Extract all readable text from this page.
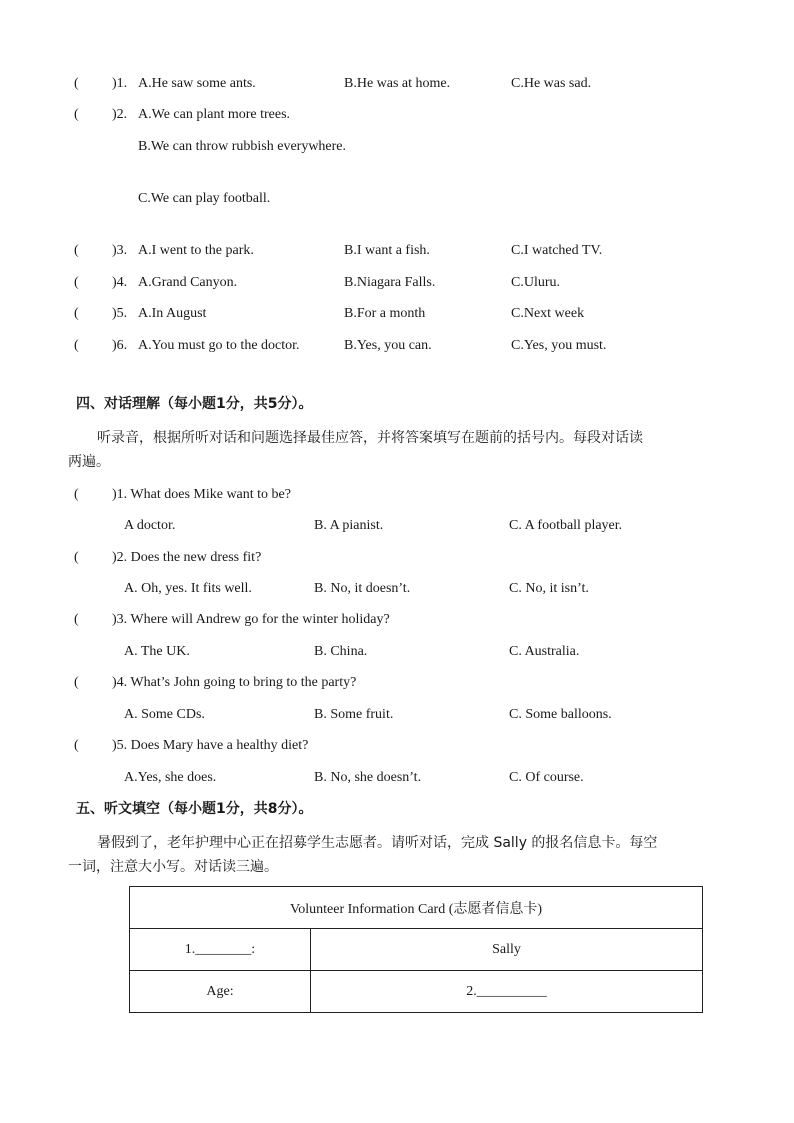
( )1. A.He saw some ants.	B.He was at home.	C.He was sad.
( )2. A.We can plant more trees.
B.We can throw rubbish everywhere.
C.We can play football.
( )3. A.I went to the park.	B.I want a fish.	C.I watched TV.
( )4. A.Grand Canyon.	B.Niagara Falls.	C.Uluru.
( )5. A.In August	B.For a month	C.Next week
( )6. A.You must go to the doctor.	B.Yes, you can.	C.Yes, you must.
四、对话理解（每小题1分，共5分）。
听录音，根据所听对话和问题选择最佳应答，并将答案填写在题前的括号内。每段对话读
两遍。
( )1. What does Mike want to be?
A doctor.	B. A pianist.	C. A football player.
( )2. Does the new dress fit?
A. Oh, yes. It fits well.	B. No, it doesn’t.	C. No, it isn’t.
( )3. Where will Andrew go for the winter holiday?
A. The UK.	B. China.	C. Australia.
( )4. What’s John going to bring to the party?
A. Some CDs.	B. Some fruit.	C. Some balloons.
( )5. Does Mary have a healthy diet?
A.Yes, she does.	B. No, she doesn’t.	C. Of course.
五、听文填空（每小题1分，共8分）。
暑假到了，老年护理中心正在招募学生志愿者。请听对话，完成 Sally 的报名信息卡。每空
一词，注意大小写。对话读三遍。
Volunteer Information Card (志愿者信息卡)	
1.________:	Sally
Age:	2.__________
